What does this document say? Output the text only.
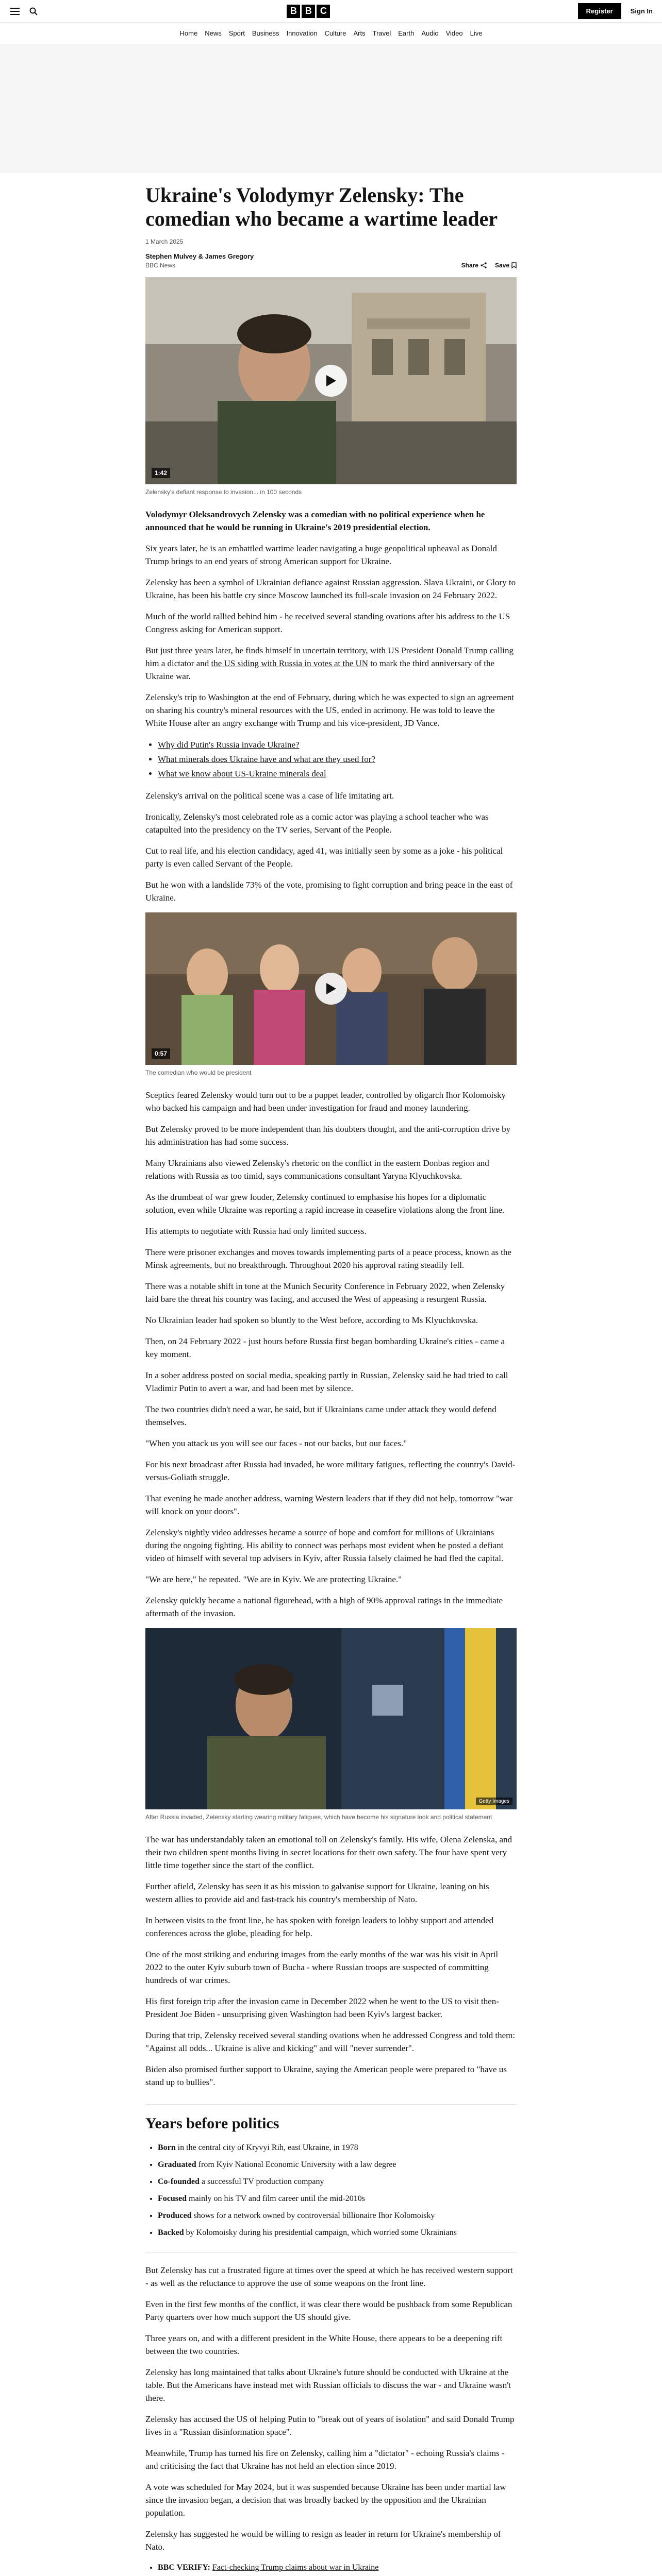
B B C	Register	Sign In
Home News Sport Business Innovation Culture Arts Travel Earth Audio Video Live
Ukraine's Volodymyr Zelensky: The comedian who became a wartime leader
1 March 2025
Stephen Mulvey & James Gregory
BBC News	Share	Save
1:42
Zelensky's defiant response to invasion... in 100 seconds

Volodymyr Oleksandrovych Zelensky was a comedian with no political experience when he announced that he would be running in Ukraine's 2019 presidential election.

Six years later, he is an embattled wartime leader navigating a huge geopolitical upheaval as Donald Trump brings to an end years of strong American support for Ukraine.

Zelensky has been a symbol of Ukrainian defiance against Russian aggression. Slava Ukraini, or Glory to Ukraine, has been his battle cry since Moscow launched its full-scale invasion on 24 February 2022.

Much of the world rallied behind him - he received several standing ovations after his address to the US Congress asking for American support.

But just three years later, he finds himself in uncertain territory, with US President Donald Trump calling him a dictator and the US siding with Russia in votes at the UN to mark the third anniversary of the Ukraine war.

Zelensky's trip to Washington at the end of February, during which he was expected to sign an agreement on sharing his country's mineral resources with the US, ended in acrimony. He was told to leave the White House after an angry exchange with Trump and his vice-president, JD Vance.

• Why did Putin's Russia invade Ukraine?
• What minerals does Ukraine have and what are they used for?
• What we know about US-Ukraine minerals deal

Zelensky's arrival on the political scene was a case of life imitating art.

Ironically, Zelensky's most celebrated role as a comic actor was playing a school teacher who was catapulted into the presidency on the TV series, Servant of the People.

Cut to real life, and his election candidacy, aged 41, was initially seen by some as a joke - his political party is even called Servant of the People.

But he won with a landslide 73% of the vote, promising to fight corruption and bring peace in the east of Ukraine.

0:57
The comedian who would be president

Sceptics feared Zelensky would turn out to be a puppet leader, controlled by oligarch Ihor Kolomoisky who backed his campaign and had been under investigation for fraud and money laundering.

But Zelensky proved to be more independent than his doubters thought, and the anti-corruption drive by his administration has had some success.

Many Ukrainians also viewed Zelensky's rhetoric on the conflict in the eastern Donbas region and relations with Russia as too timid, says communications consultant Yaryna Klyuchkovska.

As the drumbeat of war grew louder, Zelensky continued to emphasise his hopes for a diplomatic solution, even while Ukraine was reporting a rapid increase in ceasefire violations along the front line.

His attempts to negotiate with Russia had only limited success.

There were prisoner exchanges and moves towards implementing parts of a peace process, known as the Minsk agreements, but no breakthrough. Throughout 2020 his approval rating steadily fell.

There was a notable shift in tone at the Munich Security Conference in February 2022, when Zelensky laid bare the threat his country was facing, and accused the West of appeasing a resurgent Russia.

No Ukrainian leader had spoken so bluntly to the West before, according to Ms Klyuchkovska.

Then, on 24 February 2022 - just hours before Russia first began bombarding Ukraine's cities - came a key moment.

In a sober address posted on social media, speaking partly in Russian, Zelensky said he had tried to call Vladimir Putin to avert a war, and had been met by silence.

The two countries didn't need a war, he said, but if Ukrainians came under attack they would defend themselves.

"When you attack us you will see our faces - not our backs, but our faces."

For his next broadcast after Russia had invaded, he wore military fatigues, reflecting the country's David-versus-Goliath struggle.

That evening he made another address, warning Western leaders that if they did not help, tomorrow "war will knock on your doors".

Zelensky's nightly video addresses became a source of hope and comfort for millions of Ukrainians during the ongoing fighting. His ability to connect was perhaps most evident when he posted a defiant video of himself with several top advisers in Kyiv, after Russia falsely claimed he had fled the capital.

"We are here," he repeated. "We are in Kyiv. We are protecting Ukraine."

Zelensky quickly became a national figurehead, with a high of 90% approval ratings in the immediate aftermath of the invasion.

Getty Images
After Russia invaded, Zelensky starting wearing military fatigues, which have become his signature look and political statement

The war has understandably taken an emotional toll on Zelensky's family. His wife, Olena Zelenska, and their two children spent months living in secret locations for their own safety. The four have spent very little time together since the start of the conflict.

Further afield, Zelensky has seen it as his mission to galvanise support for Ukraine, leaning on his western allies to provide aid and fast-track his country's membership of Nato.

In between visits to the front line, he has spoken with foreign leaders to lobby support and attended conferences across the globe, pleading for help.

One of the most striking and enduring images from the early months of the war was his visit in April 2022 to the outer Kyiv suburb town of Bucha - where Russian troops are suspected of committing hundreds of war crimes.

His first foreign trip after the invasion came in December 2022 when he went to the US to visit then-President Joe Biden - unsurprising given Washington had been Kyiv's largest backer.

During that trip, Zelensky received several standing ovations when he addressed Congress and told them: "Against all odds... Ukraine is alive and kicking" and will "never surrender".

Biden also promised further support to Ukraine, saying the American people were prepared to "have us stand up to bullies".

Years before politics
• Born in the central city of Kryvyi Rih, east Ukraine, in 1978
• Graduated from Kyiv National Economic University with a law degree
• Co-founded a successful TV production company
• Focused mainly on his TV and film career until the mid-2010s
• Produced shows for a network owned by controversial billionaire Ihor Kolomoisky
• Backed by Kolomoisky during his presidential campaign, which worried some Ukrainians

But Zelensky has cut a frustrated figure at times over the speed at which he has received western support - as well as the reluctance to approve the use of some weapons on the front line.

Even in the first few months of the conflict, it was clear there would be pushback from some Republican Party quarters over how much support the US should give.

Three years on, and with a different president in the White House, there appears to be a deepening rift between the two countries.

Zelensky has long maintained that talks about Ukraine's future should be conducted with Ukraine at the table. But the Americans have instead met with Russian officials to discuss the war - and Ukraine wasn't there.

Zelensky has accused the US of helping Putin to "break out of years of isolation" and said Donald Trump lives in a "Russian disinformation space".

Meanwhile, Trump has turned his fire on Zelensky, calling him a "dictator" - echoing Russia's claims - and criticising the fact that Ukraine has not held an election since 2019.

A vote was scheduled for May 2024, but it was suspended because Ukraine has been under martial law since the invasion began, a decision that was broadly backed by the opposition and the Ukrainian population.

Zelensky has suggested he would be willing to resign as leader in return for Ukraine's membership of Nato.

• BBC VERIFY: Fact-checking Trump claims about war in Ukraine
